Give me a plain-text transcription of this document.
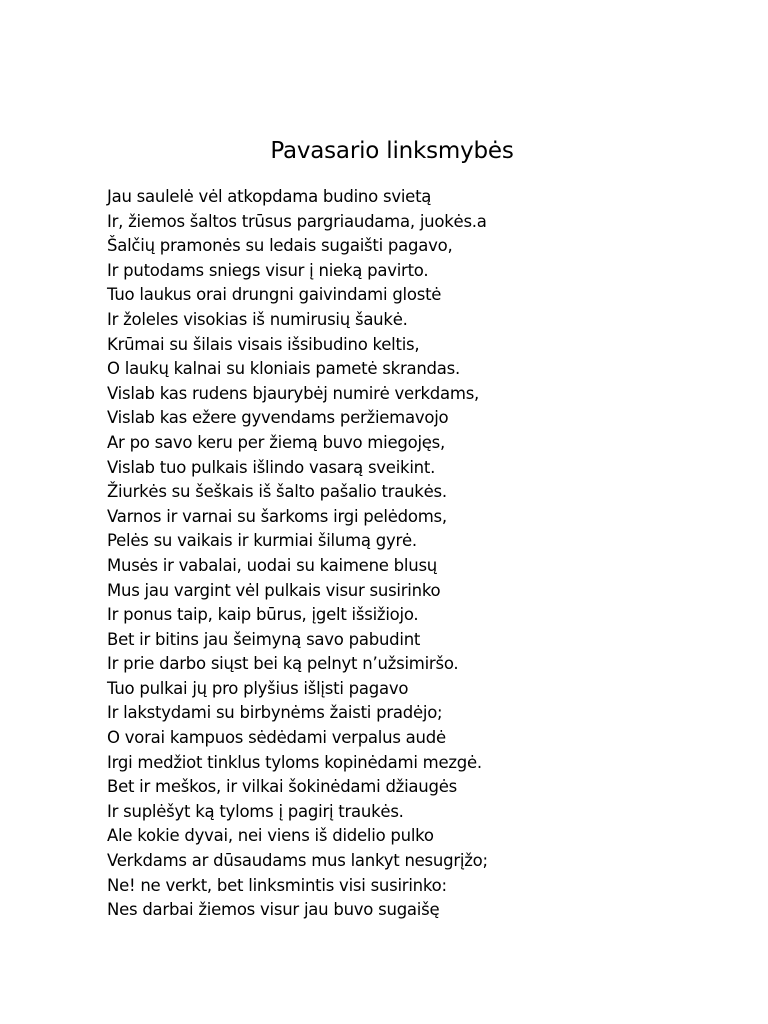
Pavasario linksmybės
Jau saulelė vėl atkopdama budino svietą
Ir, žiemos šaltos trūsus pargriaudama, juokės.a
Šalčių pramonės su ledais sugaišti pagavo,
Ir putodams sniegs visur į nieką pavirto.
Tuo laukus orai drungni gaivindami glostė
Ir žoleles visokias iš numirusių šaukė.
Krūmai su šilais visais išsibudino keltis,
O laukų kalnai su kloniais pametė skrandas.
Vislab kas rudens bjaurybėj numirė verkdams,
Vislab kas ežere gyvendams peržiemavojo
Ar po savo keru per žiemą buvo miegojęs,
Vislab tuo pulkais išlindo vasarą sveikint.
Žiurkės su šeškais iš šalto pašalio traukės.
Varnos ir varnai su šarkoms irgi pelėdoms,
Pelės su vaikais ir kurmiai šilumą gyrė.
Musės ir vabalai, uodai su kaimene blusų
Mus jau vargint vėl pulkais visur susirinko
Ir ponus taip, kaip būrus, įgelt išsižiojo.
Bet ir bitins jau šeimyną savo pabudint
Ir prie darbo siųst bei ką pelnyt n’užsimiršo.
Tuo pulkai jų pro plyšius išlįsti pagavo
Ir lakstydami su birbynėms žaisti pradėjo;
O vorai kampuos sėdėdami verpalus audė
Irgi medžiot tinklus tyloms kopinėdami mezgė.
Bet ir meškos, ir vilkai šokinėdami džiaugės
Ir suplėšyt ką tyloms į pagirį traukės.
Ale kokie dyvai, nei viens iš didelio pulko
Verkdams ar dūsaudams mus lankyt nesugrįžo;
Ne! ne verkt, bet linksmintis visi susirinko:
Nes darbai žiemos visur jau buvo sugaišę
